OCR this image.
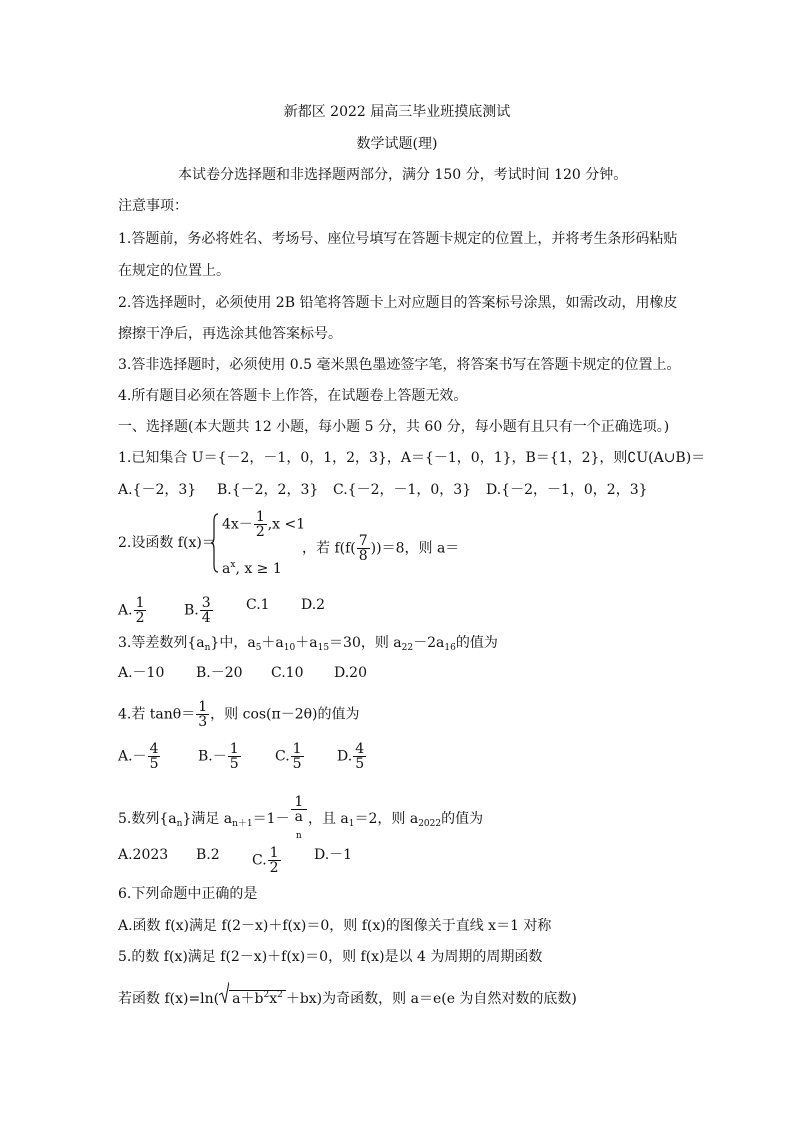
新都区 2022 届高三毕业班摸底测试
数学试题(理)
本试卷分选择题和非选择题两部分，满分 150 分，考试时间 120 分钟。
注意事项：
1.答题前，务必将姓名、考场号、座位号填写在答题卡规定的位置上，并将考生条形码粘贴
在规定的位置上。
2.答选择题时，必须使用 2B 铅笔将答题卡上对应题目的答案标号涂黑，如需改动，用橡皮
擦擦干净后，再选涂其他答案标号。
3.答非选择题时，必须使用 0.5 毫米黑色墨迹签字笔，将答案书写在答题卡规定的位置上。
4.所有题目必须在答题卡上作答，在试题卷上答题无效。
一、选择题(本大题共 12 小题，每小题 5 分，共 60 分，每小题有且只有一个正确选项。)
1.已知集合 U＝{－2，－1，0，1，2，3}，A＝{－1，0，1}，B＝{1，2}，则∁U(A∪B)＝
A.{－2，3} B.{－2，2，3} C.{－2，－1，0，3} D.{－2，－1，0，2，3}
2.设函数 f(x)＝
$4x- \frac{1}{2} ,x <1$
$a^x$, x ≥ 1
，若 $f(f( \frac{7}{8} ))=8$，则 a＝
A. $\frac{1}{2}$	B. $\frac{3}{4} C.1$ D.2
3.等差数列$\{a_n\}$中，$a_5+a_{10}+a_{15}=30$，则 $a_{22}-2a_{16}$的值为
A.－10 B.－20 C.10 D.20
4.若 $\tan\theta= \frac{1}{3}$ ，则 cos(π－2θ)的值为
$A.- \frac{4}{5}$	$B.- \frac{1}{5} C$. $\frac{1}{5} D$. $\frac{4}{5}$
5.数列$\{a_n\}$满足 $a_{n+1}=1- 1$
a
$_n$ ，且 $a_1=2$，则 $a_{2022}$的值为
A.2023 B.2 C. $\frac{1}{2} D.-1$
6.下列命题中正确的是
A.函数 f(x)满足 f(2－x)＋f(x)＝0，则 f(x)的图像关于直线 x＝1 对称
5.的数 f(x)满足 f(2－x)＋f(x)＝0，则 f(x)是以 4 为周期的周期函数
若函数 f(x)=ln( $a+b^2x^2 +bx$)为奇函数，则 a＝e(e 为自然对数的底数)
